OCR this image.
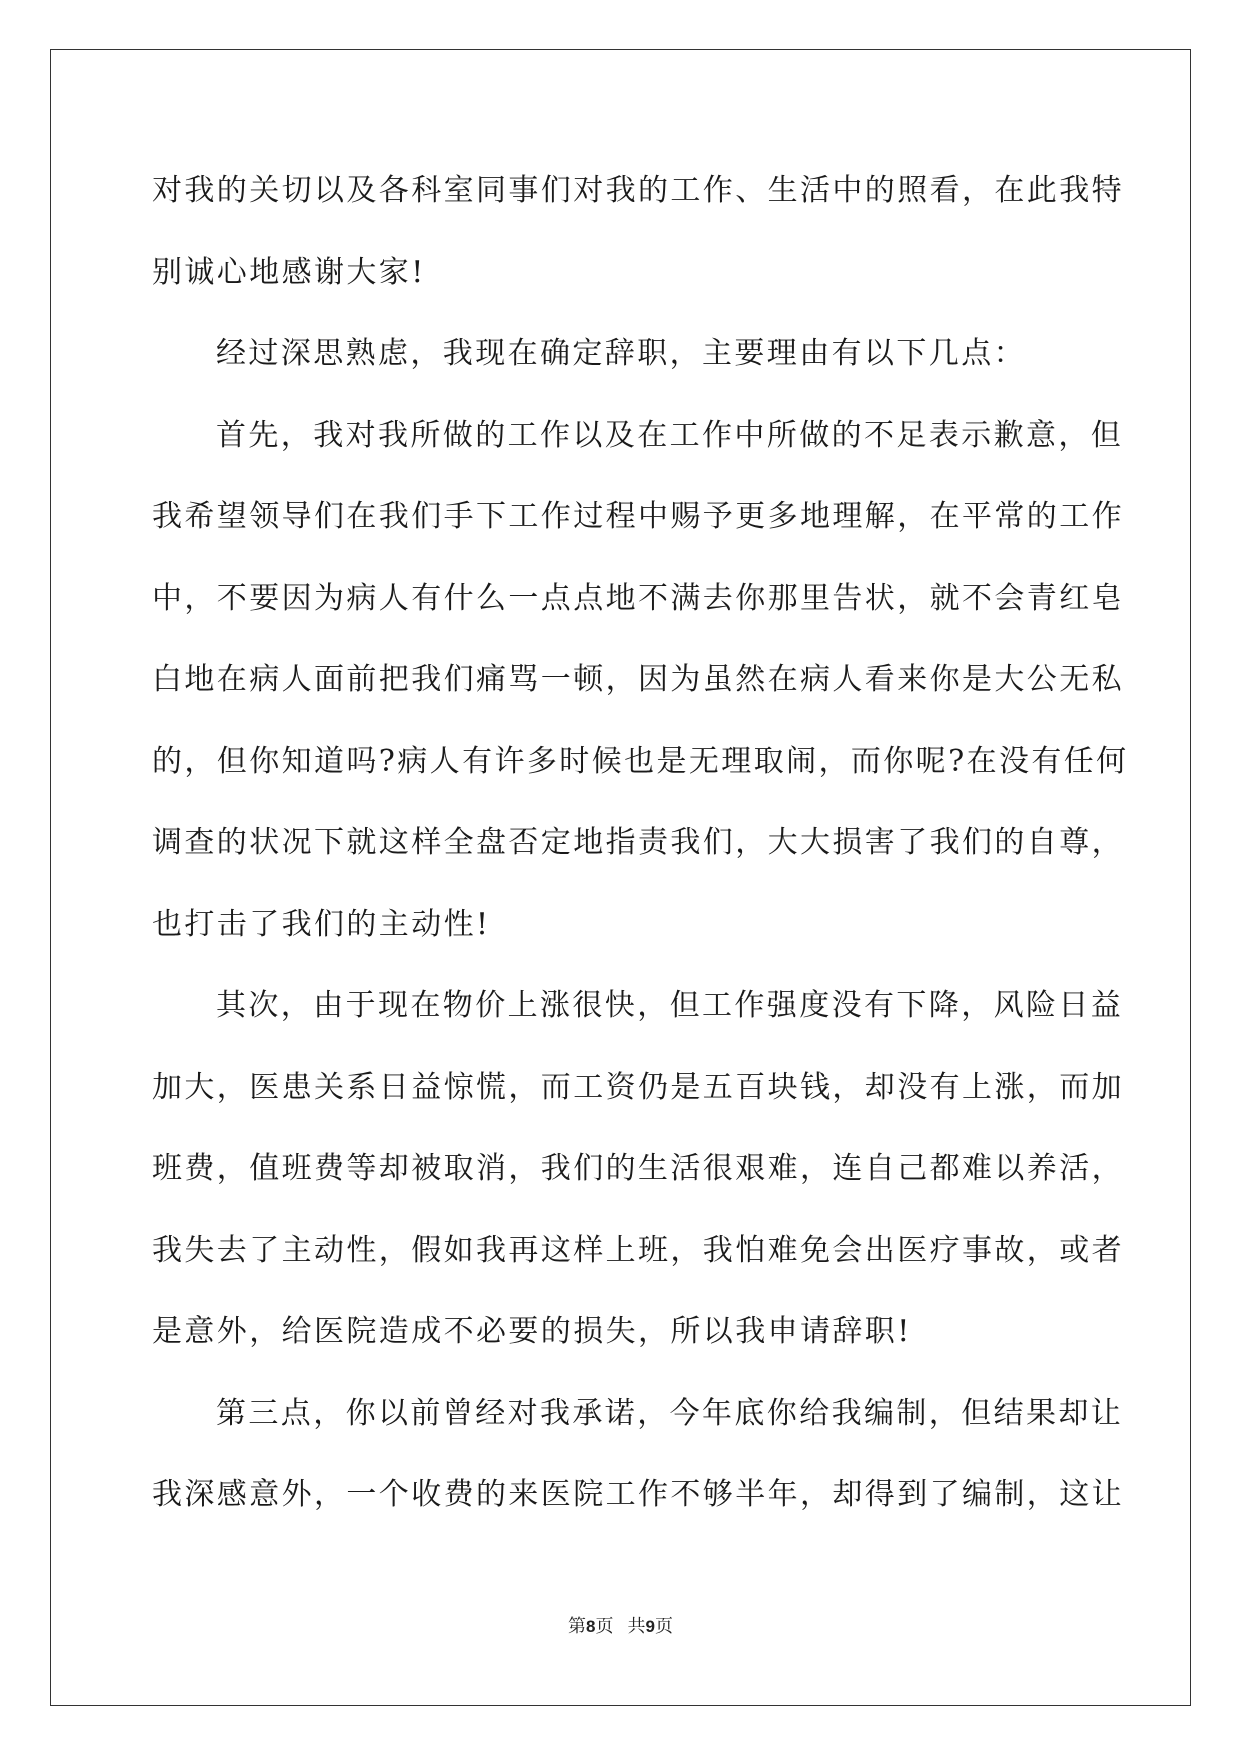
对我的关切以及各科室同事们对我的工作、生活中的照看，在此我特
别诚心地感谢大家!
经过深思熟虑，我现在确定辞职，主要理由有以下几点：
首先，我对我所做的工作以及在工作中所做的不足表示歉意，但
我希望领导们在我们手下工作过程中赐予更多地理解，在平常的工作
中，不要因为病人有什么一点点地不满去你那里告状，就不会青红皂
白地在病人面前把我们痛骂一顿，因为虽然在病人看来你是大公无私
的，但你知道吗?病人有许多时候也是无理取闹，而你呢?在没有任何
调查的状况下就这样全盘否定地指责我们，大大损害了我们的自尊，
也打击了我们的主动性!
其次，由于现在物价上涨很快，但工作强度没有下降，风险日益
加大，医患关系日益惊慌，而工资仍是五百块钱，却没有上涨，而加
班费，值班费等却被取消，我们的生活很艰难，连自己都难以养活，
我失去了主动性，假如我再这样上班，我怕难免会出医疗事故，或者
是意外，给医院造成不必要的损失，所以我申请辞职!
第三点，你以前曾经对我承诺，今年底你给我编制，但结果却让
我深感意外，一个收费的来医院工作不够半年，却得到了编制，这让
第8页 共9页
